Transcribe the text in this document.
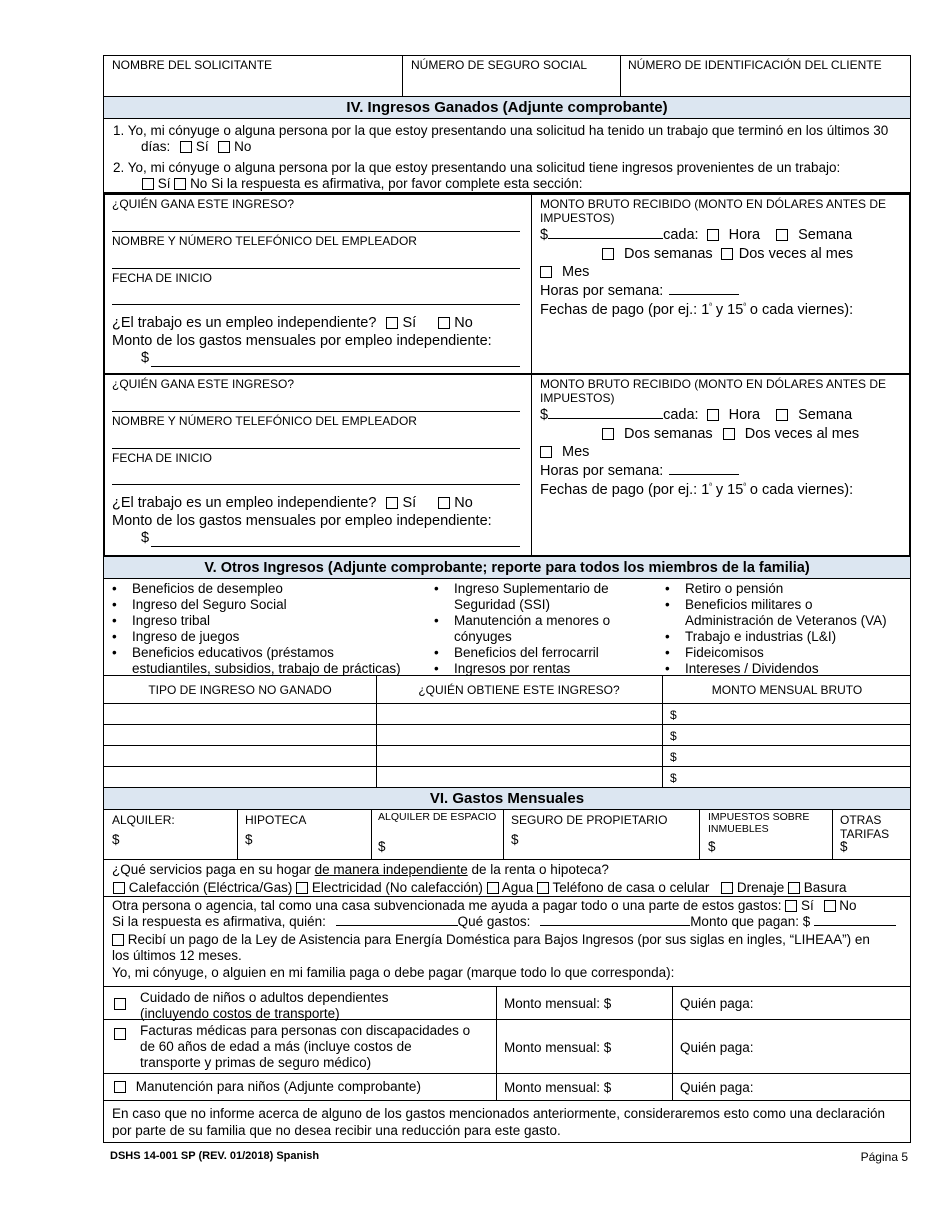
NOMBRE DEL SOLICITANTE	NÚMERO DE SEGURO SOCIAL	NÚMERO DE IDENTIFICACIÓN DEL CLIENTE
IV. Ingresos Ganados (Adjunte comprobante)
1. Yo, mi cónyuge o alguna persona por la que estoy presentando una solicitud ha tenido un trabajo que terminó en los últimos 30
días: Sí No
2. Yo, mi cónyuge o alguna persona por la que estoy presentando una solicitud tiene ingresos provenientes de un trabajo:
Sí No Si la respuesta es afirmativa, por favor complete esta sección:
¿QUIÉN GANA ESTE INGRESO?
NOMBRE Y NÚMERO TELEFÓNICO DEL EMPLEADOR
FECHA DE INICIO
¿El trabajo es un empleo independiente? Sí	No
Monto de los gastos mensuales por empleo independiente:
$
MONTO BRUTO RECIBIDO (MONTO EN DÓLARES ANTES DE IMPUESTOS)
$	cada: Hora	Semana
Dos semanas Dos veces al mes
Mes
Horas por semana:
Fechas de pago (por ej.: $1^ª$ y $15^ª$ o cada viernes):
¿QUIÉN GANA ESTE INGRESO?
NOMBRE Y NÚMERO TELEFÓNICO DEL EMPLEADOR
FECHA DE INICIO
¿El trabajo es un empleo independiente? Sí	No
Monto de los gastos mensuales por empleo independiente:
$
MONTO BRUTO RECIBIDO (MONTO EN DÓLARES ANTES DE IMPUESTOS)
$	cada: Hora	Semana
Dos semanas Dos veces al mes
Mes
Horas por semana:
Fechas de pago (por ej.: $1^ª$ y $15^ª$ o cada viernes):
V. Otros Ingresos (Adjunte comprobante; reporte para todos los miembros de la familia)
• Beneficios de desempleo
• Ingreso del Seguro Social
• Ingreso tribal
• Ingreso de juegos
• Beneficios educativos (préstamos
estudiantiles, subsidios, trabajo de prácticas)
• Ingreso Suplementario de
Seguridad (SSI)
• Manutención a menores o
cónyuges
• Beneficios del ferrocarril
• Ingresos por rentas
• Retiro o pensión
• Beneficios militares o
Administración de Veteranos (VA)
• Trabajo e industrias (L&I)
• Fideicomisos
• Intereses / Dividendos
TIPO DE INGRESO NO GANADO	¿QUIÉN OBTIENE ESTE INGRESO?	MONTO MENSUAL BRUTO
$
$
$
$
VI. Gastos Mensuales
ALQUILER:
$
HIPOTECA
$
ALQUILER DE ESPACIO
$
SEGURO DE PROPIETARIO
$
IMPUESTOS SOBRE INMUEBLES
$
OTRAS TARIFAS
$
¿Qué servicios paga en su hogar de manera independiente de la renta o hipoteca?
Calefacción (Eléctrica/Gas) Electricidad (No calefacción) Agua Teléfono de casa o celular Drenaje Basura
Otra persona o agencia, tal como una casa subvencionada me ayuda a pagar todo o una parte de estos gastos: Sí No
Si la respuesta es afirmativa, quién:	Qué gastos:	Monto que pagan: $
Recibí un pago de la Ley de Asistencia para Energía Doméstica para Bajos Ingresos (por sus siglas en ingles, “LIHEAA”) en
los últimos 12 meses.
Yo, mi cónyuge, o alguien en mi familia paga o debe pagar (marque todo lo que corresponda):
Cuidado de niños o adultos dependientes
(incluyendo costos de transporte)
Monto mensual: $	Quién paga:
Facturas médicas para personas con discapacidades o
de 60 años de edad a más (incluye costos de
transporte y primas de seguro médico)
Monto mensual: $	Quién paga:
Manutención para niños (Adjunte comprobante)	Monto mensual: $	Quién paga:
En caso que no informe acerca de alguno de los gastos mencionados anteriormente, consideraremos esto como una declaración por parte de su familia que no desea recibir una reducción para este gasto.
DSHS 14-001 SP (REV. 01/2018) Spanish	Página 5
